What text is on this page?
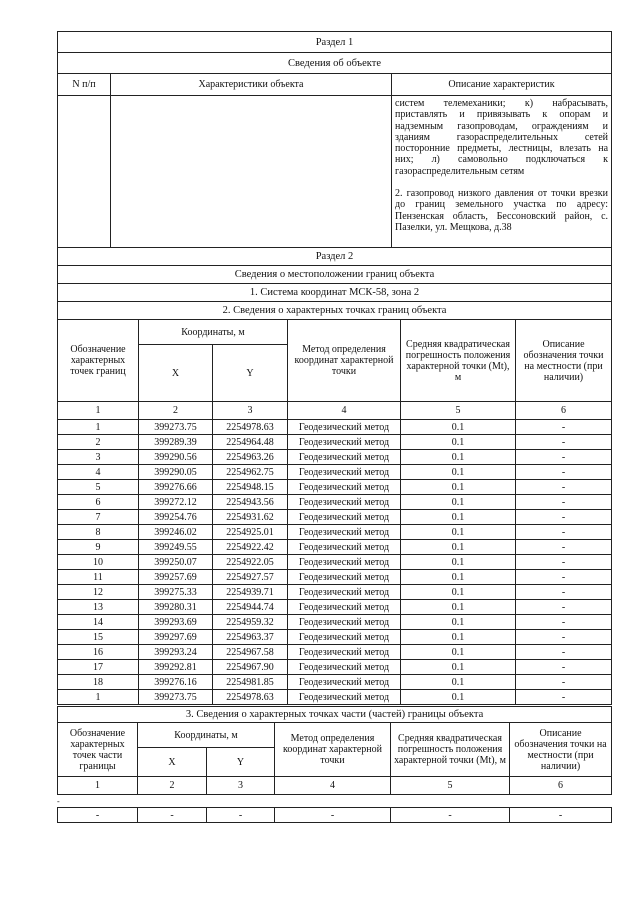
Раздел 1		
Сведения об объекте		
N п/п	Характеристики объекта	Описание характеристик

		систем телемеханики; к) набрасывать, приставлять и привязывать к опорам и надземным газопроводам, ограждениям и зданиям газораспределительных сетей посторонние предметы, лестницы, влезать на них; л) самовольно подключаться к газораспределительным сетям

2. газопровод низкого давления от точки врезки до границ земельного участка по адресу: Пензенская область, Бессоновский район, с. Пазелки, ул. Мещкова, д.38

Раздел 2					
Сведения о местоположении границ объекта					
1. Система координат МСК-58, зона 2					
2. Сведения о характерных точках границ объекта					
Обозначение характерных точек границ	Координаты, м		Метод определения координат характерной точки	Средняя квадратическая погрешность положения характерной точки (Mt), м	Описание обозначения точки на местности (при наличии)
	X	Y			
1	2	3	4	5	6
1	399273.75	2254978.63	Геодезический метод	0.1	-
2	399289.39	2254964.48	Геодезический метод	0.1	-
3	399290.56	2254963.26	Геодезический метод	0.1	-
4	399290.05	2254962.75	Геодезический метод	0.1	-
5	399276.66	2254948.15	Геодезический метод	0.1	-
6	399272.12	2254943.56	Геодезический метод	0.1	-
7	399254.76	2254931.62	Геодезический метод	0.1	-
8	399246.02	2254925.01	Геодезический метод	0.1	-
9	399249.55	2254922.42	Геодезический метод	0.1	-
10	399250.07	2254922.05	Геодезический метод	0.1	-
11	399257.69	2254927.57	Геодезический метод	0.1	-
12	399275.33	2254939.71	Геодезический метод	0.1	-
13	399280.31	2254944.74	Геодезический метод	0.1	-
14	399293.69	2254959.32	Геодезический метод	0.1	-
15	399297.69	2254963.37	Геодезический метод	0.1	-
16	399293.24	2254967.58	Геодезический метод	0.1	-
17	399292.81	2254967.90	Геодезический метод	0.1	-
18	399276.16	2254981.85	Геодезический метод	0.1	-
1	399273.75	2254978.63	Геодезический метод	0.1	-
3. Сведения о характерных точках части (частей) границы объекта					
Обозначение характерных точек части границы	Координаты, м		Метод определения координат характерной точки	Средняя квадратическая погрешность положения характерной точки (Mt), м	Описание обозначения точки на местности (при наличии)
	X	Y			
1	2	3	4	5	6
-
-	-	-	-	-	-
